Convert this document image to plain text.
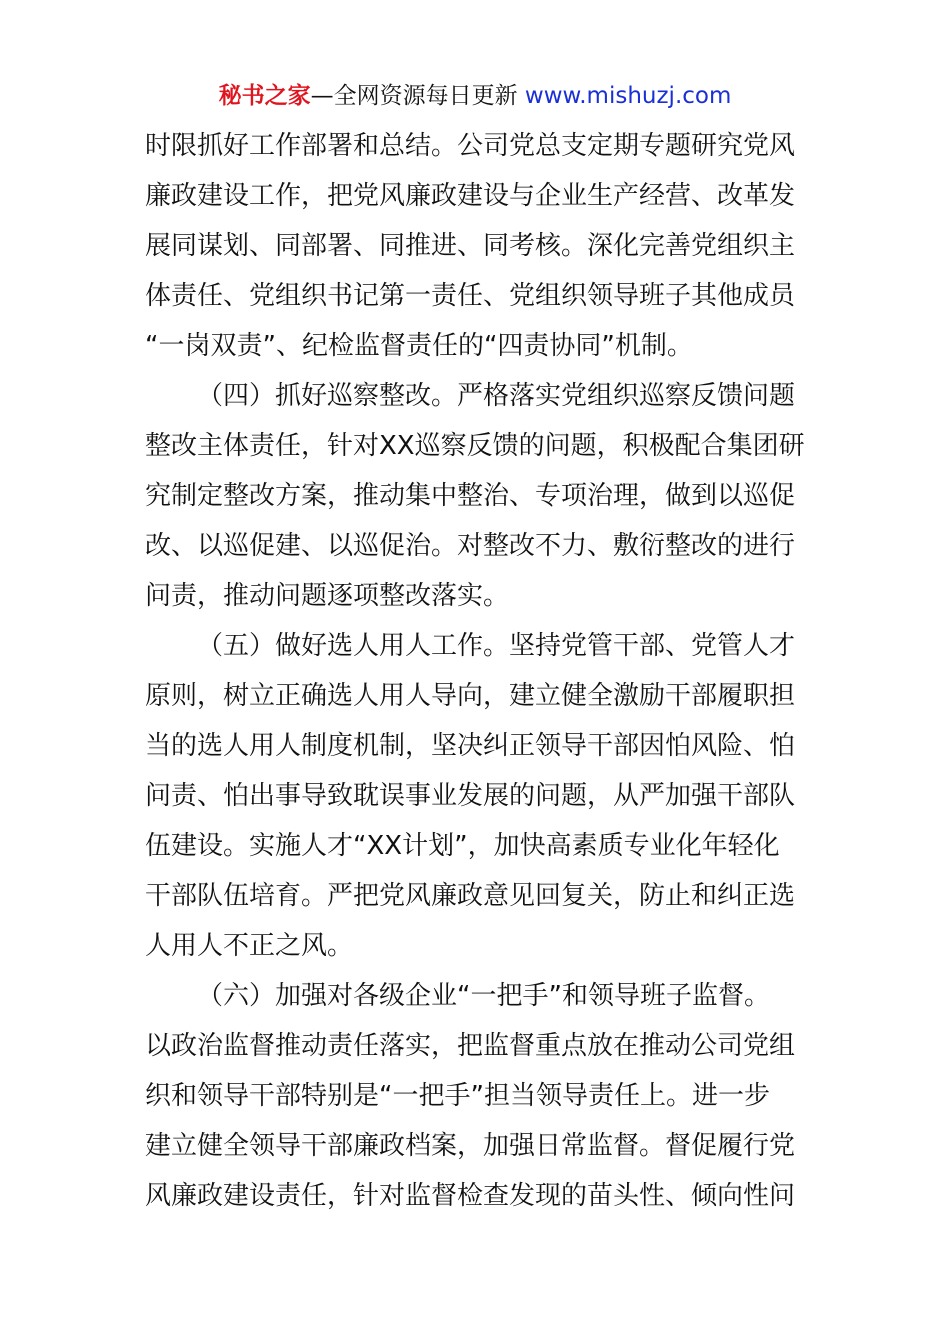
秘书之家—全网资源每日更新 www.mishuzj.com
时限抓好工作部署和总结。公司党总支定期专题研究党风
廉政建设工作，把党风廉政建设与企业生产经营、改革发
展同谋划、同部署、同推进、同考核。深化完善党组织主
体责任、党组织书记第一责任、党组织领导班子其他成员
“一岗双责”、纪检监督责任的“四责协同”机制。
（四）抓好巡察整改。严格落实党组织巡察反馈问题
整改主体责任，针对XX巡察反馈的问题，积极配合集团研
究制定整改方案，推动集中整治、专项治理，做到以巡促
改、以巡促建、以巡促治。对整改不力、敷衍整改的进行
问责，推动问题逐项整改落实。
（五）做好选人用人工作。坚持党管干部、党管人才
原则，树立正确选人用人导向，建立健全激励干部履职担
当的选人用人制度机制，坚决纠正领导干部因怕风险、怕
问责、怕出事导致耽误事业发展的问题，从严加强干部队
伍建设。实施人才“XX计划”，加快高素质专业化年轻化
干部队伍培育。严把党风廉政意见回复关，防止和纠正选
人用人不正之风。
（六）加强对各级企业“一把手”和领导班子监督。
以政治监督推动责任落实，把监督重点放在推动公司党组
织和领导干部特别是“一把手”担当领导责任上。进一步
建立健全领导干部廉政档案，加强日常监督。督促履行党
风廉政建设责任，针对监督检查发现的苗头性、倾向性问
